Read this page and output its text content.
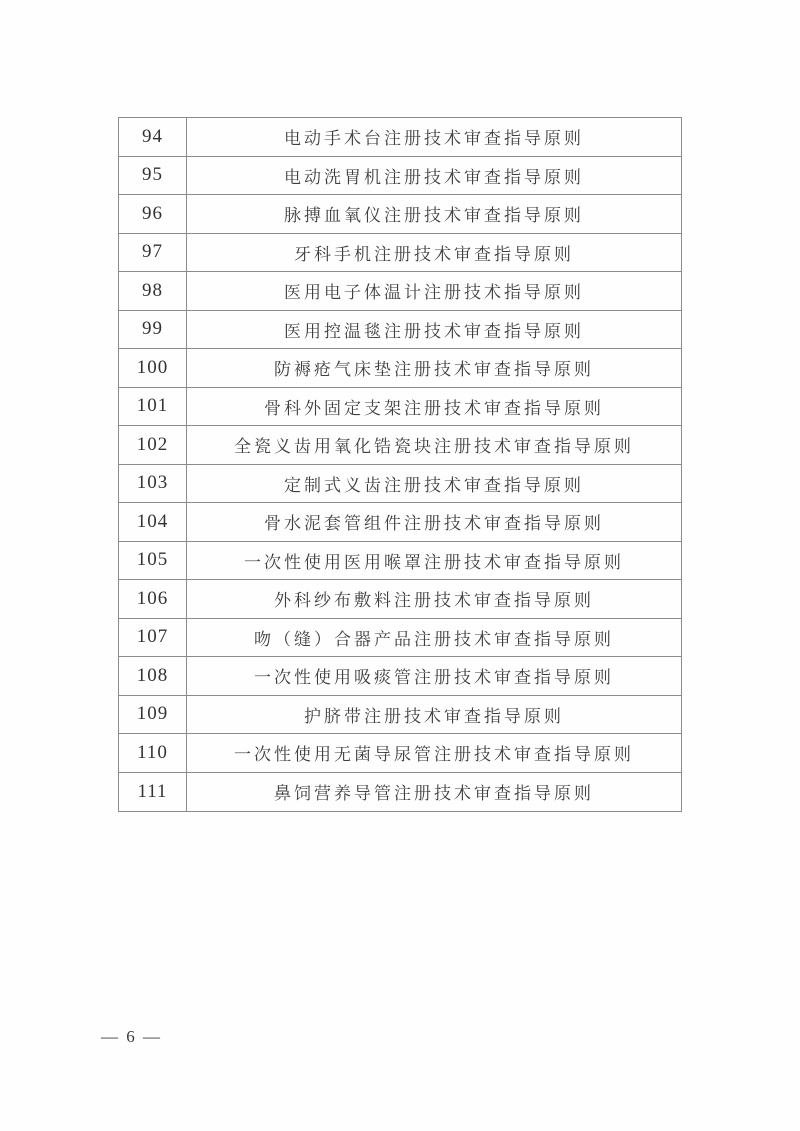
94	电动手术台注册技术审查指导原则
95	电动洗胃机注册技术审查指导原则
96	脉搏血氧仪注册技术审查指导原则
97	牙科手机注册技术审查指导原则
98	医用电子体温计注册技术指导原则
99	医用控温毯注册技术审查指导原则
100	防褥疮气床垫注册技术审查指导原则
101	骨科外固定支架注册技术审查指导原则
102	全瓷义齿用氧化锆瓷块注册技术审查指导原则
103	定制式义齿注册技术审查指导原则
104	骨水泥套管组件注册技术审查指导原则
105	一次性使用医用喉罩注册技术审查指导原则
106	外科纱布敷料注册技术审查指导原则
107	吻（缝）合器产品注册技术审查指导原则
108	一次性使用吸痰管注册技术审查指导原则
109	护脐带注册技术审查指导原则
110	一次性使用无菌导尿管注册技术审查指导原则
111	鼻饲营养导管注册技术审查指导原则
— 6 —
